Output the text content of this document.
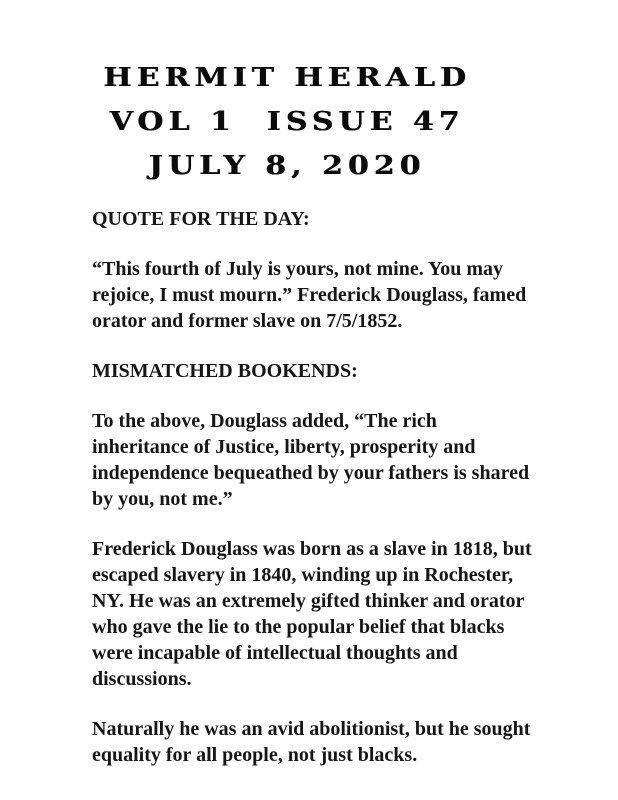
HERMIT HERALD
VOL 1  ISSUE 47
JULY 8, 2020
QUOTE FOR THE DAY:

“This fourth of July is yours, not mine. You may rejoice, I must mourn.” Frederick Douglass, famed orator and former slave on 7/5/1852.

MISMATCHED BOOKENDS:

To the above, Douglass added, “The rich inheritance of Justice, liberty, prosperity and independence bequeathed by your fathers is shared by you, not me.”

Frederick Douglass was born as a slave in 1818, but escaped slavery in 1840, winding up in Rochester, NY. He was an extremely gifted thinker and orator who gave the lie to the popular belief that blacks were incapable of intellectual thoughts and discussions.

Naturally he was an avid abolitionist, but he sought equality for all people, not just blacks.
